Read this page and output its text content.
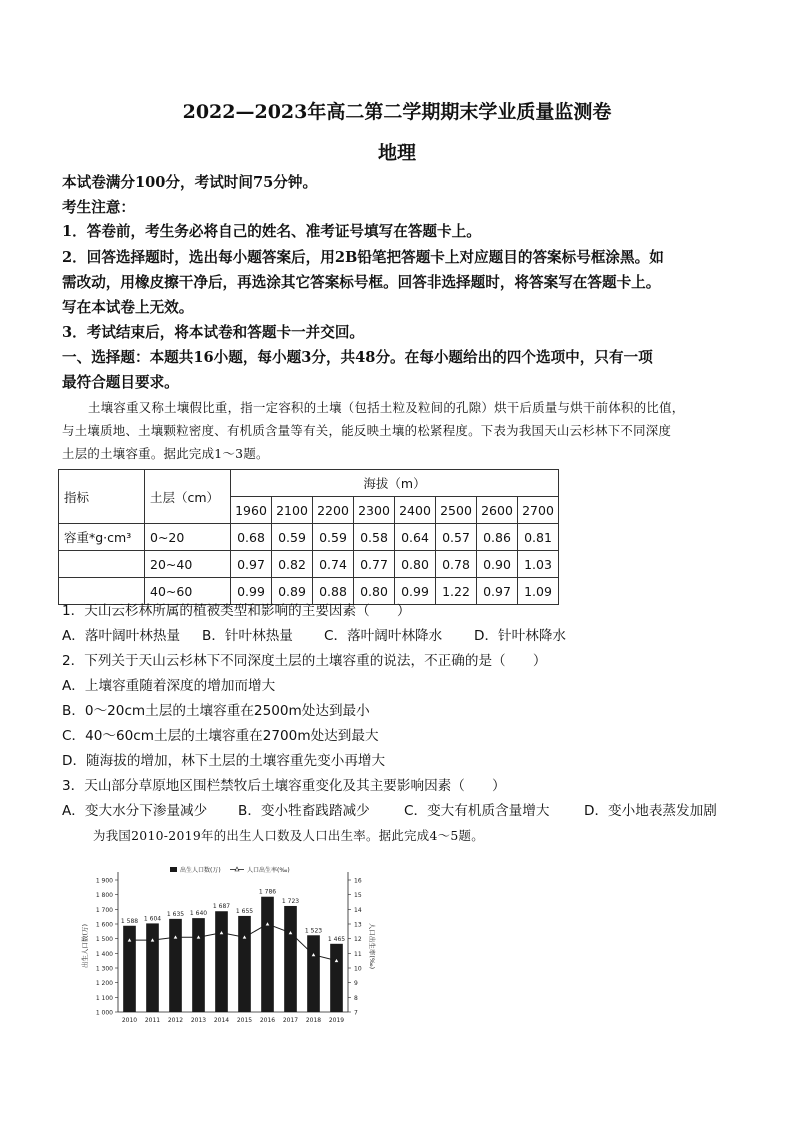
2022—2023年高二第二学期期末学业质量监测卷
地理
本试卷满分100分，考试时间75分钟。
考生注意：
1．答卷前，考生务必将自己的姓名、准考证号填写在答题卡上。
2．回答选择题时，选出每小题答案后，用2B铅笔把答题卡上对应题目的答案标号框涂黑。如
需改动，用橡皮擦干净后，再选涂其它答案标号框。回答非选择题时，将答案写在答题卡上。
写在本试卷上无效。
3．考试结束后，将本试卷和答题卡一并交回。
一、选择题：本题共16小题，每小题3分，共48分。在每小题给出的四个选项中，只有一项
最符合题目要求。
土壤容重又称土壤假比重，指一定容积的土壤（包括土粒及粒间的孔隙）烘干后质量与烘干前体积的比值，
与土壤质地、土壤颗粒密度、有机质含量等有关，能反映土壤的松紧程度。下表为我国天山云杉林下不同深度
土层的土壤容重。据此完成1～3题。
指标	土层（cm）	海拔（m）							
		1960	2100	2200	2300	2400	2500	2600	2700
容重*g·cm³	0~20	0.68	0.59	0.59	0.58	0.64	0.57	0.86	0.81
	20~40	0.97	0.82	0.74	0.77	0.80	0.78	0.90	1.03
	40~60	0.99	0.89	0.88	0.80	0.99	1.22	0.97	1.09
1．天山云杉林所属的植被类型和影响的主要因素（　　）
A．落叶阔叶林热量 B．针叶林热量 C．落叶阔叶林降水 D．针叶林降水
2．下列关于天山云杉林下不同深度土层的土壤容重的说法，不正确的是（　　）
A．上壤容重随着深度的增加而增大
B．0～20cm土层的土壤容重在2500m处达到最小
C．40～60cm土层的土壤容重在2700m处达到最大
D．随海拔的增加，林下土层的土壤容重先变小再增大
3．天山部分草原地区围栏禁牧后土壤容重变化及其主要影响因素（　　）
A．变大水分下渗量减少 B．变小牲畜践踏减少	C．变大有机质含量增大	D．变小地表蒸发加剧
为我国2010-2019年的出生人口数及人口出生率。据此完成4～5题。
1 000
1 100
1 200
1 300
1 400
1 500
1 600
1 700
1 800
1 900
7
8
9
10
11
12
13
14
15
16
1 588 1 604
1 635 1 640
1 687
1 655
1 786
1 723
1 523
1 465
2010 2011 2012 2013 2014 2015 2016 2017 2018 2019
出生人口数(万)	人口出生率(‰)
出生人口数(万)	人口出生率(‰)
